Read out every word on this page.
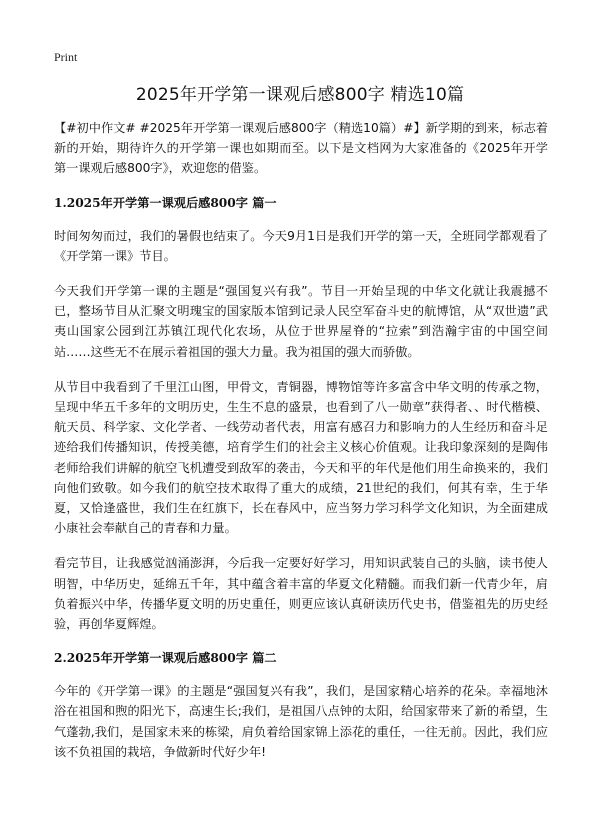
Print
2025年开学第一课观后感800字 精选10篇

【#初中作文# #2025年开学第一课观后感800字（精选10篇）#】新学期的到来，标志着新的开始，期待许久的开学第一课也如期而至。以下是文档网为大家准备的《2025年开学第一课观后感800字》，欢迎您的借鉴。

1.2025年开学第一课观后感800字 篇一

时间匆匆而过，我们的暑假也结束了。今天9月1日是我们开学的第一天，全班同学都观看了《开学第一课》节目。

今天我们开学第一课的主题是“强国复兴有我”。节目一开始呈现的中华文化就让我震撼不已，整场节目从汇聚文明瑰宝的国家版本馆到记录人民空军奋斗史的航博馆，从“双世遗”武夷山国家公园到江苏镇江现代化农场，从位于世界屋脊的“拉索”到浩瀚宇宙的中国空间站……这些无不在展示着祖国的强大力量。我为祖国的强大而骄傲。

从节目中我看到了千里江山图，甲骨文，青铜器，博物馆等许多富含中华文明的传承之物，呈现中华五千多年的文明历史，生生不息的盛景，也看到了八一勋章”获得者、、时代楷模、航天员、科学家、文化学者、一线劳动者代表，用富有感召力和影响力的人生经历和奋斗足迹给我们传播知识，传授美德，培育学生们的社会主义核心价值观。让我印象深刻的是陶伟老师给我们讲解的航空飞机遭受到敌军的袭击，今天和平的年代是他们用生命换来的，我们向他们致敬。如今我们的航空技术取得了重大的成绩，21世纪的我们，何其有幸，生于华夏，又恰逢盛世，我们生在红旗下，长在春风中，应当努力学习科学文化知识，为全面建成小康社会奉献自己的青春和力量。

看完节目，让我感觉汹涌澎湃，今后我一定要好好学习，用知识武装自己的头脑，读书使人明智，中华历史，延绵五千年，其中蕴含着丰富的华夏文化精髓。而我们新一代青少年，肩负着振兴中华，传播华夏文明的历史重任，则更应该认真研读历代史书，借鉴祖先的历史经验，再创华夏辉煌。

2.2025年开学第一课观后感800字 篇二

今年的《开学第一课》的主题是“强国复兴有我”，我们，是国家精心培养的花朵。幸福地沐浴在祖国和煦的阳光下，高速生长;我们，是祖国八点钟的太阳，给国家带来了新的希望，生气蓬勃,我们，是国家未来的栋梁，肩负着给国家锦上添花的重任，一往无前。因此，我们应该不负祖国的栽培，争做新时代好少年!
